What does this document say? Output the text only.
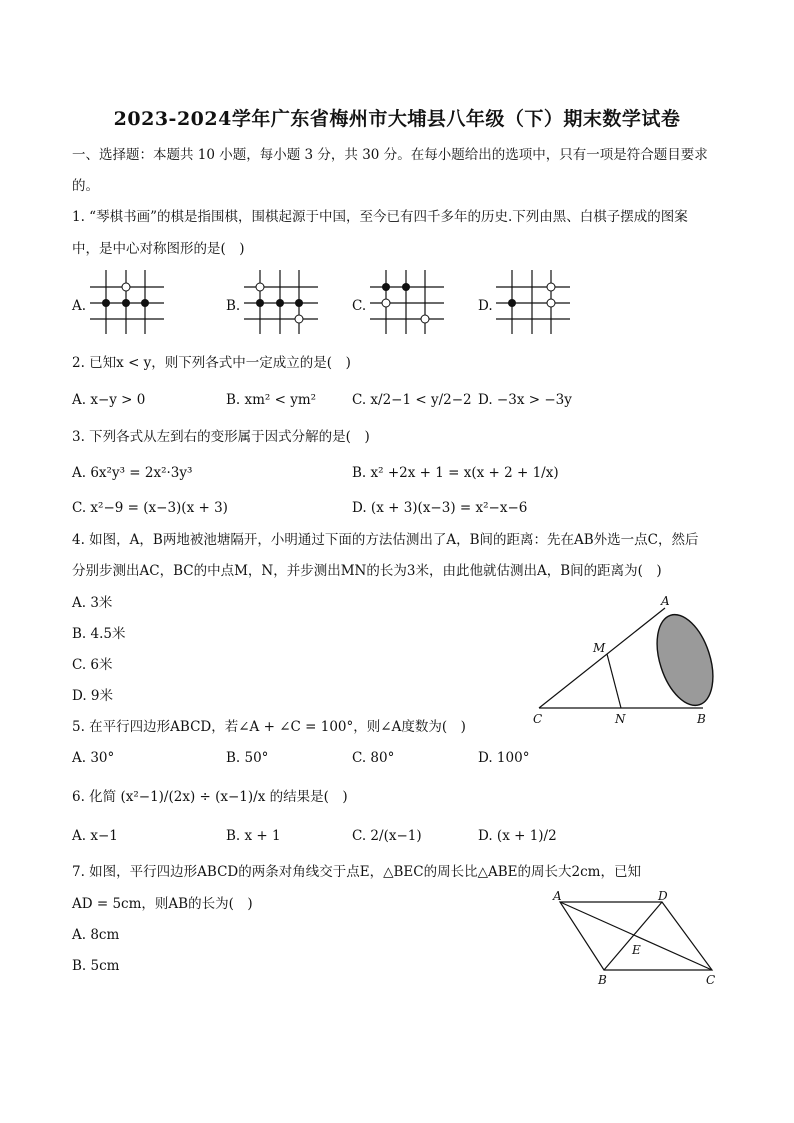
2023-2024学年广东省梅州市大埔县八年级（下）期末数学试卷
一、选择题：本题共 10 小题，每小题 3 分，共 30 分。在每小题给出的选项中，只有一项是符合题目要求
的。
1. “琴棋书画”的棋是指围棋，围棋起源于中国，至今已有四千多年的历史.下列由黑、白棋子摆成的图案
中，是中心对称图形的是(　)
A.	B.	C.	D.
2. 已知x < y，则下列各式中一定成立的是(　)
A. x−y > 0	B. xm² < ym²	C. x/2−1 < y/2−2 D. −3x > −3y
3. 下列各式从左到右的变形属于因式分解的是(　)
A. 6x²y³ = 2x²·3y³	B. x² +2x + 1 = x(x + 2 + 1/x)
C. x²−9 = (x−3)(x + 3)	D. (x + 3)(x−3) = x²−x−6
4. 如图，A，B两地被池塘隔开，小明通过下面的方法估测出了A，B间的距离：先在AB外选一点C，然后
分别步测出AC，BC的中点M，N，并步测出MN的长为3米，由此他就估测出A，B间的距离为(　)
A. 3米
B. 4.5米
C. 6米
D. 9米
A
M
C	N	B
5. 在平行四边形ABCD，若∠A + ∠C = 100°，则∠A度数为(　)
A. 30°	B. 50°	C. 80°	D. 100°
6. 化简 (x²−1)/(2x) ÷ (x−1)/x 的结果是(　)
A. x−1	B. x + 1	C. 2/(x−1)	D. (x + 1)/2
7. 如图，平行四边形ABCD的两条对角线交于点E，△BEC的周长比△ABE的周长大2cm，已知
AD = 5cm，则AB的长为(　)
A. 8cm
B. 5cm
A	D
E
B	C
